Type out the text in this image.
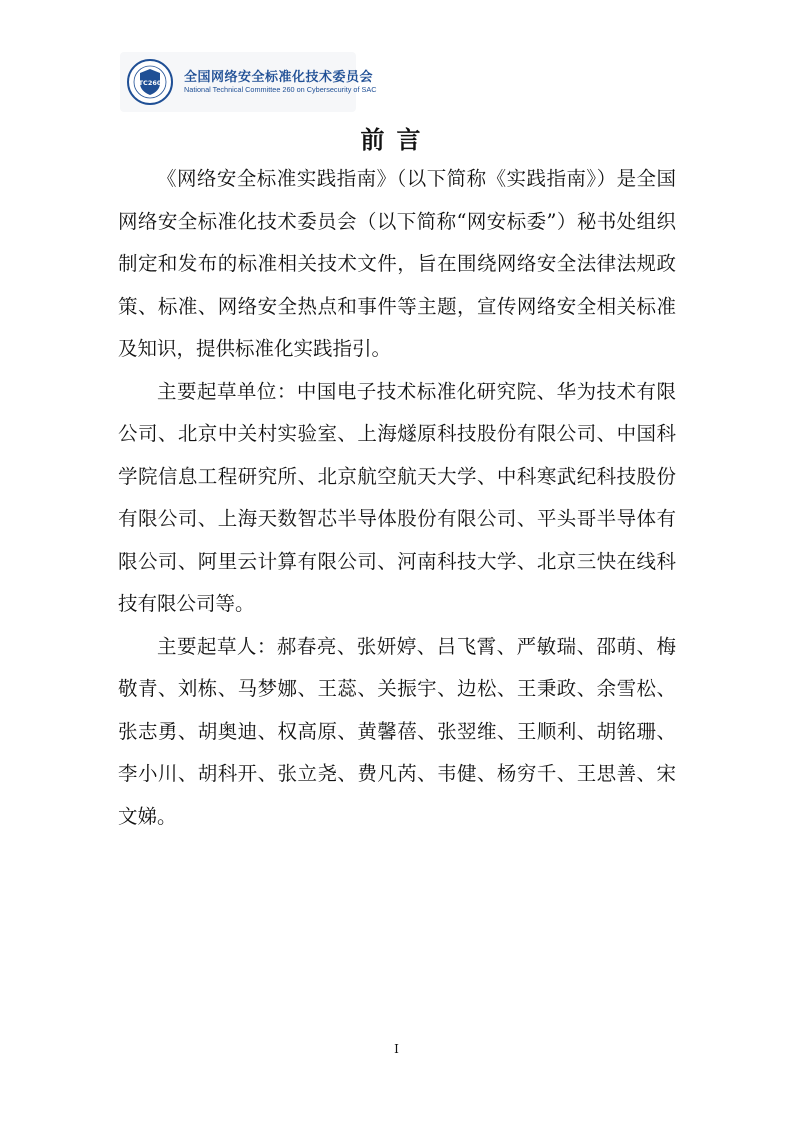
TC260 全国网络安全标准化技术委员会
National Technical Committee 260 on Cybersecurity of SAC
前言

《网络安全标准实践指南》（以下简称《实践指南》）是全国网络安全标准化技术委员会（以下简称“网安标委”）秘书处组织制定和发布的标准相关技术文件，旨在围绕网络安全法律法规政策、标准、网络安全热点和事件等主题，宣传网络安全相关标准及知识，提供标准化实践指引。

主要起草单位：中国电子技术标准化研究院、华为技术有限公司、北京中关村实验室、上海燧原科技股份有限公司、中国科学院信息工程研究所、北京航空航天大学、中科寒武纪科技股份有限公司、上海天数智芯半导体股份有限公司、平头哥半导体有限公司、阿里云计算有限公司、河南科技大学、北京三快在线科技有限公司等。

主要起草人：郝春亮、张妍婷、吕飞霄、严敏瑞、邵萌、梅敬青、刘栋、马梦娜、王蕊、关振宇、边松、王秉政、余雪松、张志勇、胡奥迪、权高原、黄馨蓓、张翌维、王顺利、胡铭珊、李小川、胡科开、张立尧、费凡芮、韦健、杨穷千、王思善、宋文娣。

I
